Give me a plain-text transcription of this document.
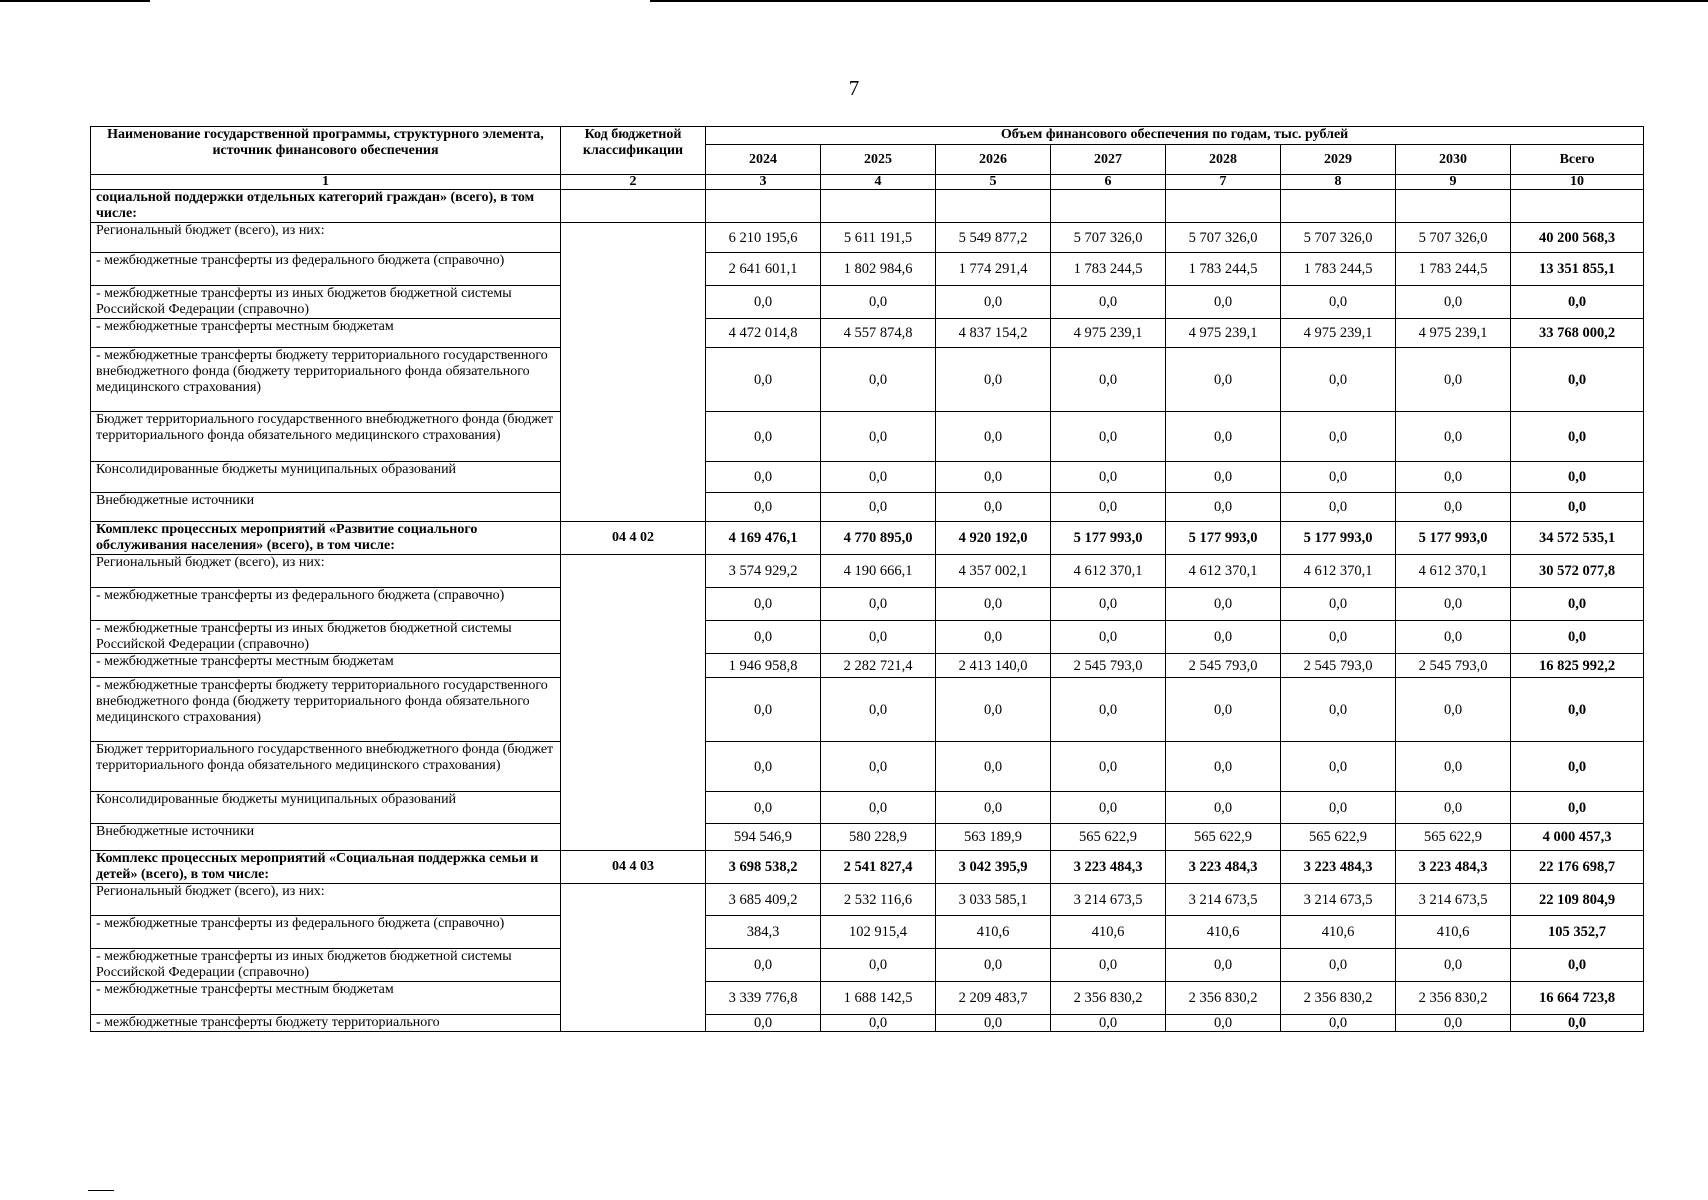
7
Наименование государственной программы, структурного элемента, источник финансового обеспечения	Код бюджетной классификации	Объем финансового обеспечения по годам, тыс. рублей							
		2024	2025	2026	2027	2028	2029	2030	Всего
1	2	3	4	5	6	7	8	9	10
социальной поддержки отдельных категорий граждан» (всего), в том числе:									
Региональный бюджет (всего), из них:		6 210 195,6	5 611 191,5	5 549 877,2	5 707 326,0	5 707 326,0	5 707 326,0	5 707 326,0	40 200 568,3
- межбюджетные трансферты из федерального бюджета (справочно)		2 641 601,1	1 802 984,6	1 774 291,4	1 783 244,5	1 783 244,5	1 783 244,5	1 783 244,5	13 351 855,1
- межбюджетные трансферты из иных бюджетов бюджетной системы Российской Федерации (справочно)		0,0	0,0	0,0	0,0	0,0	0,0	0,0	0,0
- межбюджетные трансферты местным бюджетам		4 472 014,8	4 557 874,8	4 837 154,2	4 975 239,1	4 975 239,1	4 975 239,1	4 975 239,1	33 768 000,2
- межбюджетные трансферты бюджету территориального государственного внебюджетного фонда (бюджету территориального фонда обязательного медицинского страхования)		0,0	0,0	0,0	0,0	0,0	0,0	0,0	0,0
Бюджет территориального государственного внебюджетного фонда (бюджет территориального фонда обязательного медицинского страхования)		0,0	0,0	0,0	0,0	0,0	0,0	0,0	0,0
Консолидированные бюджеты муниципальных образований		0,0	0,0	0,0	0,0	0,0	0,0	0,0	0,0
Внебюджетные источники		0,0	0,0	0,0	0,0	0,0	0,0	0,0	0,0
Комплекс процессных мероприятий «Развитие социального обслуживания населения» (всего), в том числе:	04 4 02	4 169 476,1	4 770 895,0	4 920 192,0	5 177 993,0	5 177 993,0	5 177 993,0	5 177 993,0	34 572 535,1
Региональный бюджет (всего), из них:		3 574 929,2	4 190 666,1	4 357 002,1	4 612 370,1	4 612 370,1	4 612 370,1	4 612 370,1	30 572 077,8
- межбюджетные трансферты из федерального бюджета (справочно)		0,0	0,0	0,0	0,0	0,0	0,0	0,0	0,0
- межбюджетные трансферты из иных бюджетов бюджетной системы Российской Федерации (справочно)		0,0	0,0	0,0	0,0	0,0	0,0	0,0	0,0
- межбюджетные трансферты местным бюджетам		1 946 958,8	2 282 721,4	2 413 140,0	2 545 793,0	2 545 793,0	2 545 793,0	2 545 793,0	16 825 992,2
- межбюджетные трансферты бюджету территориального государственного внебюджетного фонда (бюджету территориального фонда обязательного медицинского страхования)		0,0	0,0	0,0	0,0	0,0	0,0	0,0	0,0
Бюджет территориального государственного внебюджетного фонда (бюджет территориального фонда обязательного медицинского страхования)		0,0	0,0	0,0	0,0	0,0	0,0	0,0	0,0
Консолидированные бюджеты муниципальных образований		0,0	0,0	0,0	0,0	0,0	0,0	0,0	0,0
Внебюджетные источники		594 546,9	580 228,9	563 189,9	565 622,9	565 622,9	565 622,9	565 622,9	4 000 457,3
Комплекс процессных мероприятий «Социальная поддержка семьи и детей» (всего), в том числе:	04 4 03	3 698 538,2	2 541 827,4	3 042 395,9	3 223 484,3	3 223 484,3	3 223 484,3	3 223 484,3	22 176 698,7
Региональный бюджет (всего), из них:		3 685 409,2	2 532 116,6	3 033 585,1	3 214 673,5	3 214 673,5	3 214 673,5	3 214 673,5	22 109 804,9
- межбюджетные трансферты из федерального бюджета (справочно)		384,3	102 915,4	410,6	410,6	410,6	410,6	410,6	105 352,7
- межбюджетные трансферты из иных бюджетов бюджетной системы Российской Федерации (справочно)		0,0	0,0	0,0	0,0	0,0	0,0	0,0	0,0
- межбюджетные трансферты местным бюджетам		3 339 776,8	1 688 142,5	2 209 483,7	2 356 830,2	2 356 830,2	2 356 830,2	2 356 830,2	16 664 723,8
- межбюджетные трансферты бюджету территориального		0,0	0,0	0,0	0,0	0,0	0,0	0,0	0,0
